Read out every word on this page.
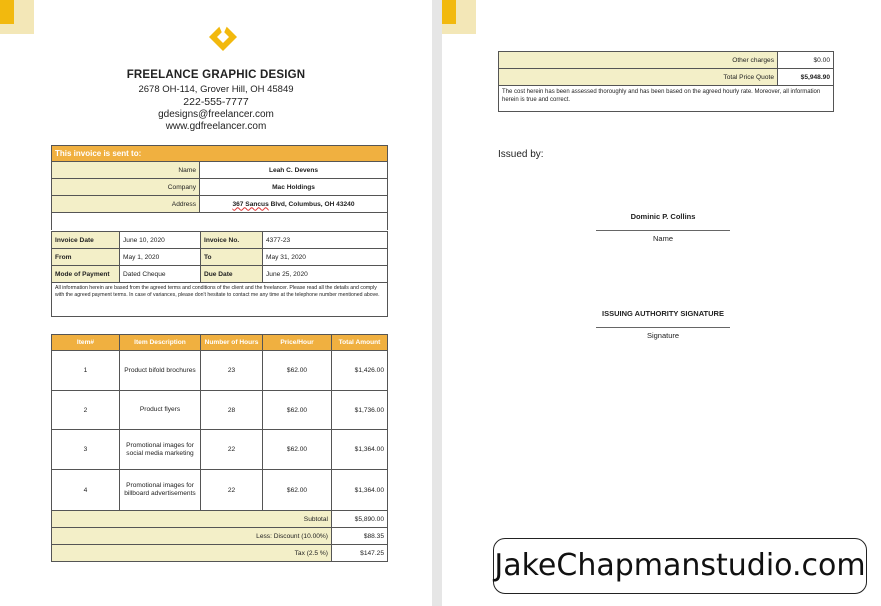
FREELANCE GRAPHIC DESIGN
2678 OH-114, Grover Hill, OH 45849
222-555-7777
gdesigns@freelancer.com
www.gdfreelancer.com
This invoice is sent to:	
Name	Leah C. Devens
Company	Mac Holdings
Address	367 Sancus Blvd, Columbus, OH 43240

Invoice Date	June 10, 2020	Invoice No.	4377-23
From	May 1, 2020	To	May 31, 2020
Mode of Payment	Dated Cheque	Due Date	June 25, 2020
All information herein are based from the agreed terms and conditions of the client and the freelancer. Please read all the details and comply with the agreed payment terms. In case of variances, please don't hesitate to contact me any time at the telephone number mentioned above.			
Item#	Item Description	Number of Hours	Price/Hour	Total Amount
1	Product bifold brochures	23	$62.00	$1,426.00
2	Product flyers	28	$62.00	$1,736.00
3	Promotional images for social media marketing	22	$62.00	$1,364.00
4	Promotional images for billboard advertisements	22	$62.00	$1,364.00
Subtotal				$5,890.00
Less: Discount (10.00%)				$88.35
Tax (2.5 %)				$147.25
Other charges	$0.00
Total Price Quote	$5,948.90
The cost herein has been assessed thoroughly and has been based on the agreed hourly rate. Moreover, all information herein is true and correct.	
Issued by:
Dominic P. Collins
Name
ISSUING AUTHORITY SIGNATURE
Signature
JakeChapmanstudio.com
